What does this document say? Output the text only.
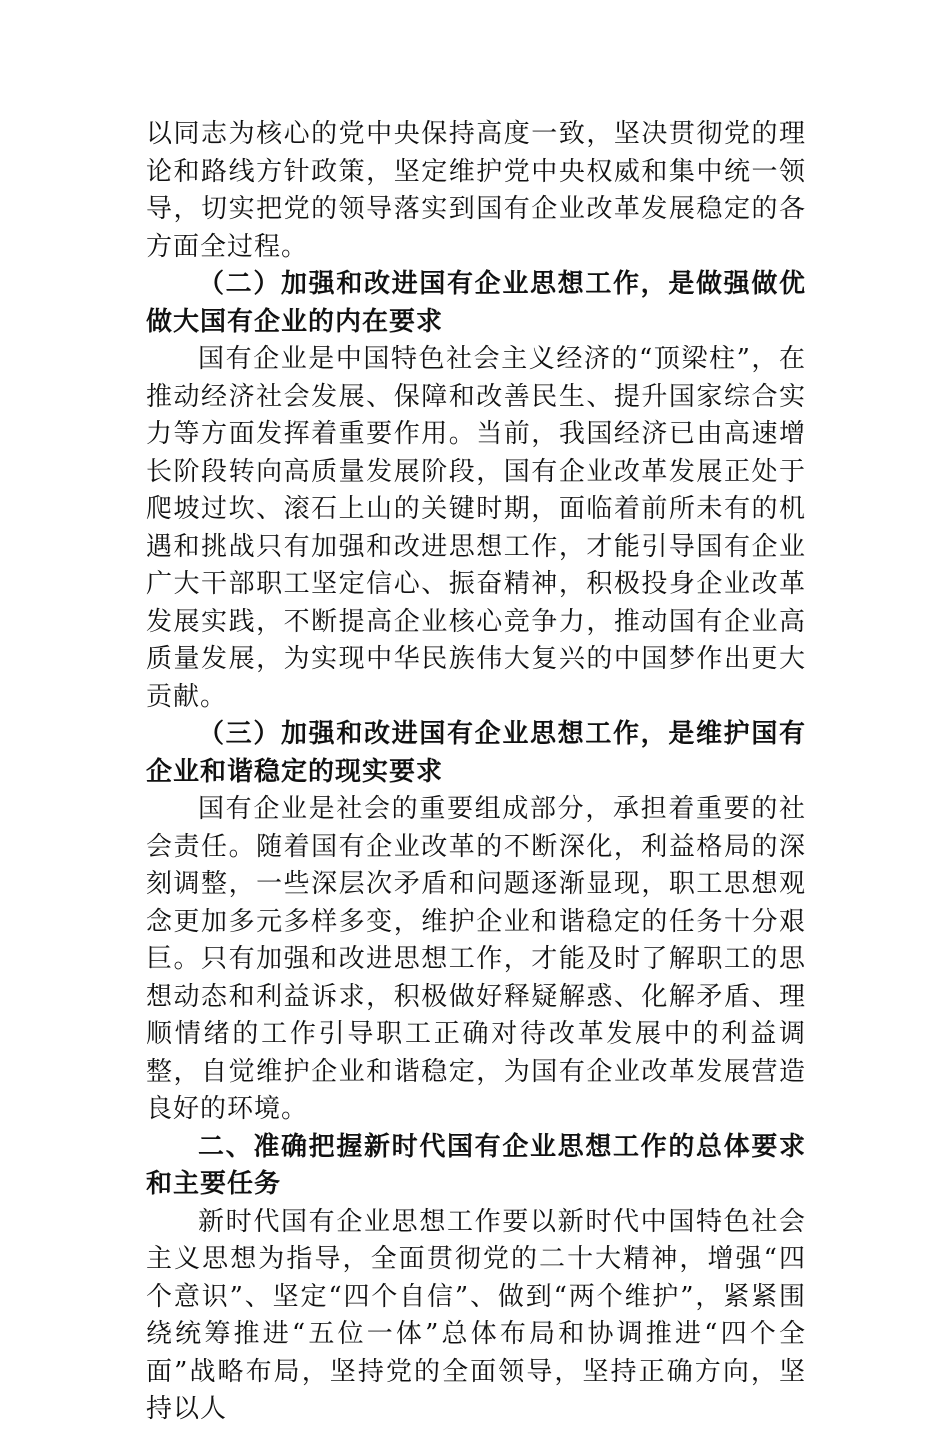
以同志为核心的党中央保持高度一致，坚决贯彻党的理论和路线方针政策，坚定维护党中央权威和集中统一领导，切实把党的领导落实到国有企业改革发展稳定的各方面全过程。

（二）加强和改进国有企业思想工作，是做强做优做大国有企业的内在要求

国有企业是中国特色社会主义经济的“顶梁柱”，在推动经济社会发展、保障和改善民生、提升国家综合实力等方面发挥着重要作用。当前，我国经济已由高速增长阶段转向高质量发展阶段，国有企业改革发展正处于爬坡过坎、滚石上山的关键时期，面临着前所未有的机遇和挑战只有加强和改进思想工作，才能引导国有企业广大干部职工坚定信心、振奋精神，积极投身企业改革发展实践，不断提高企业核心竞争力，推动国有企业高质量发展，为实现中华民族伟大复兴的中国梦作出更大贡献。

（三）加强和改进国有企业思想工作，是维护国有企业和谐稳定的现实要求

国有企业是社会的重要组成部分，承担着重要的社会责任。随着国有企业改革的不断深化，利益格局的深刻调整，一些深层次矛盾和问题逐渐显现，职工思想观念更加多元多样多变，维护企业和谐稳定的任务十分艰巨。只有加强和改进思想工作，才能及时了解职工的思想动态和利益诉求，积极做好释疑解惑、化解矛盾、理顺情绪的工作引导职工正确对待改革发展中的利益调整，自觉维护企业和谐稳定，为国有企业改革发展营造良好的环境。

二、准确把握新时代国有企业思想工作的总体要求和主要任务

新时代国有企业思想工作要以新时代中国特色社会主义思想为指导，全面贯彻党的二十大精神，增强“四个意识”、坚定“四个自信”、做到“两个维护”，紧紧围绕统筹推进“五位一体”总体布局和协调推进“四个全面”战略布局，坚持党的全面领导，坚持正确方向，坚持以人
